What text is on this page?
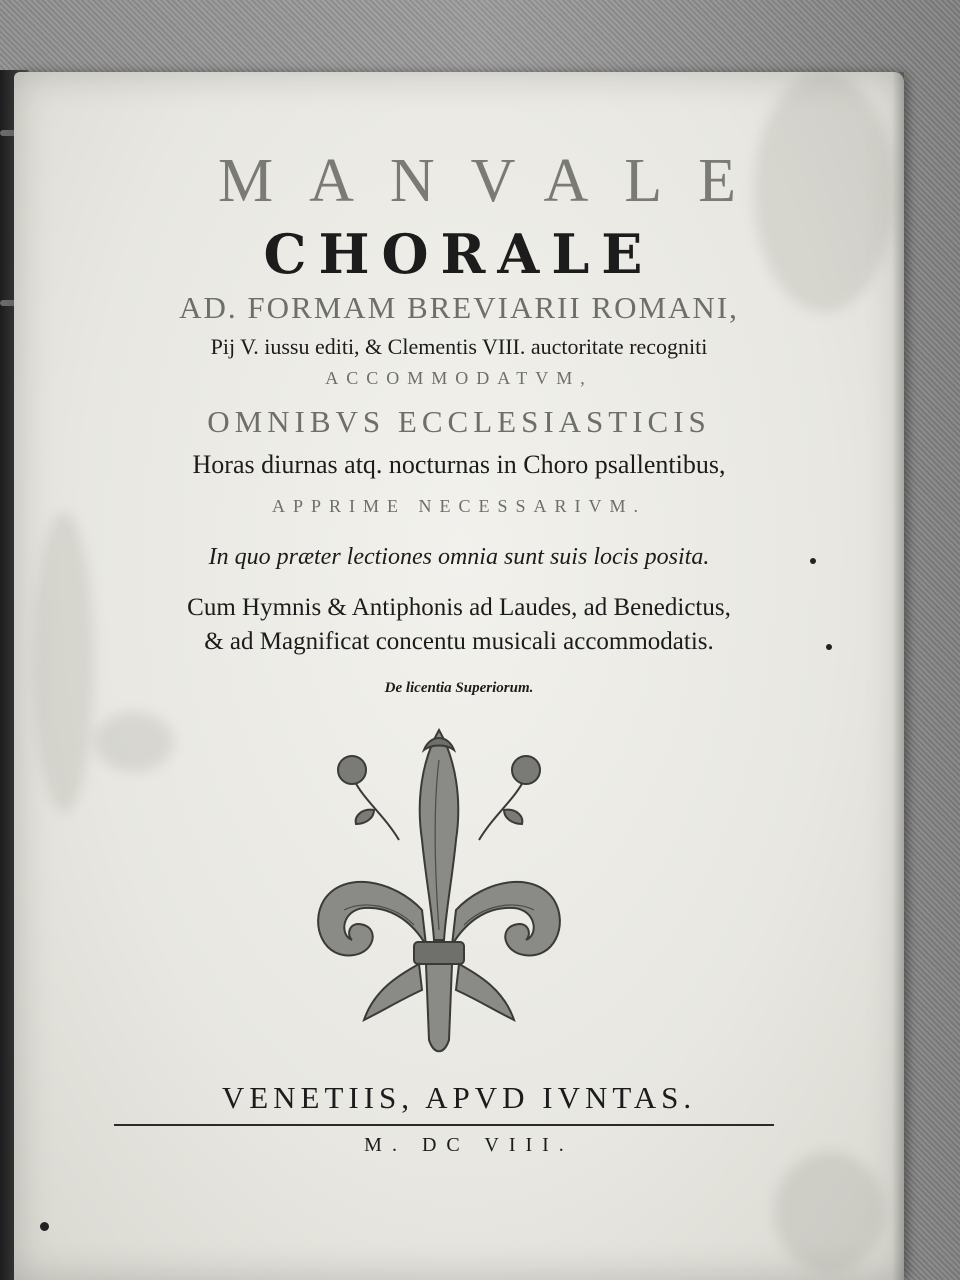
MANVALE
CHORALE
AD. FORMAM BREVIARII ROMANI,
Pij V. iussu editi, & Clementis VIII. auctoritate recogniti
ACCOMMODATVM,
OMNIBVS ECCLESIASTICIS
Horas diurnas atq. nocturnas in Choro psallentibus,
APPRIME NECESSARIVM.
In quo præter lectiones omnia sunt suis locis posita.
Cum Hymnis & Antiphonis ad Laudes, ad Benedictus,
& ad Magnificat concentu musicali accommodatis.
De licentia Superiorum.
VENETIIS, APVD IVNTAS.
M. DC VIII.
